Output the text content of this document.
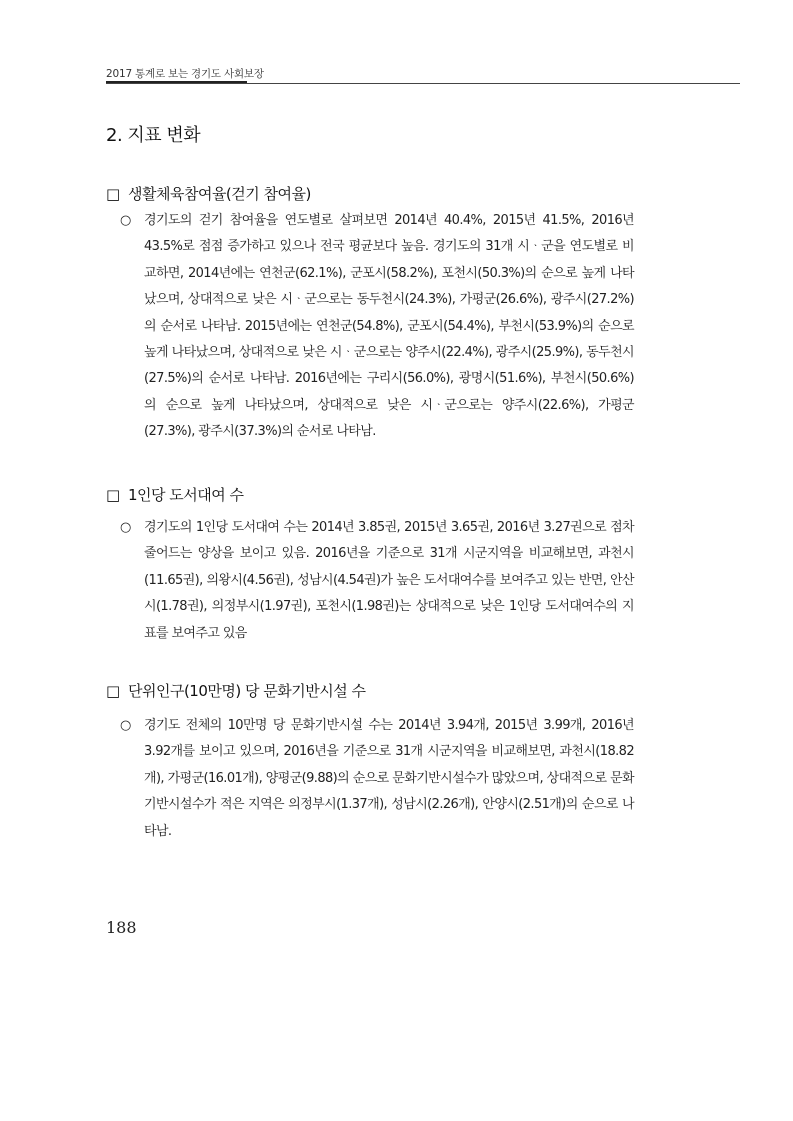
2017 통계로 보는 경기도 사회보장
2. 지표 변화
□ 생활체육참여율(걷기 참여율)
○ 경기도의 걷기 참여율을 연도별로 살펴보면 2014년 40.4%, 2015년 41.5%, 2016년 43.5%로 점점 증가하고 있으나 전국 평균보다 높음. 경기도의 31개 시ᆞ군을 연도별로 비교하면, 2014년에는 연천군(62.1%), 군포시(58.2%), 포천시(50.3%)의 순으로 높게 나타났으며, 상대적으로 낮은 시ᆞ군으로는 동두천시(24.3%), 가평군(26.6%), 광주시(27.2%)의 순서로 나타남. 2015년에는 연천군(54.8%), 군포시(54.4%), 부천시(53.9%)의 순으로 높게 나타났으며, 상대적으로 낮은 시ᆞ군으로는 양주시(22.4%), 광주시(25.9%), 동두천시(27.5%)의 순서로 나타남. 2016년에는 구리시(56.0%), 광명시(51.6%), 부천시(50.6%)의 순으로 높게 나타났으며, 상대적으로 낮은 시ᆞ군으로는 양주시(22.6%), 가평군(27.3%), 광주시(37.3%)의 순서로 나타남.
□ 1인당 도서대여 수
○ 경기도의 1인당 도서대여 수는 2014년 3.85권, 2015년 3.65권, 2016년 3.27권으로 점차 줄어드는 양상을 보이고 있음. 2016년을 기준으로 31개 시군지역을 비교해보면, 과천시(11.65권), 의왕시(4.56권), 성남시(4.54권)가 높은 도서대여수를 보여주고 있는 반면, 안산시(1.78권), 의정부시(1.97권), 포천시(1.98권)는 상대적으로 낮은 1인당 도서대여수의 지표를 보여주고 있음
□ 단위인구(10만명) 당 문화기반시설 수
○ 경기도 전체의 10만명 당 문화기반시설 수는 2014년 3.94개, 2015년 3.99개, 2016년 3.92개를 보이고 있으며, 2016년을 기준으로 31개 시군지역을 비교해보면, 과천시(18.82개), 가평군(16.01개), 양평군(9.88)의 순으로 문화기반시설수가 많았으며, 상대적으로 문화기반시설수가 적은 지역은 의정부시(1.37개), 성남시(2.26개), 안양시(2.51개)의 순으로 나타남.
188
